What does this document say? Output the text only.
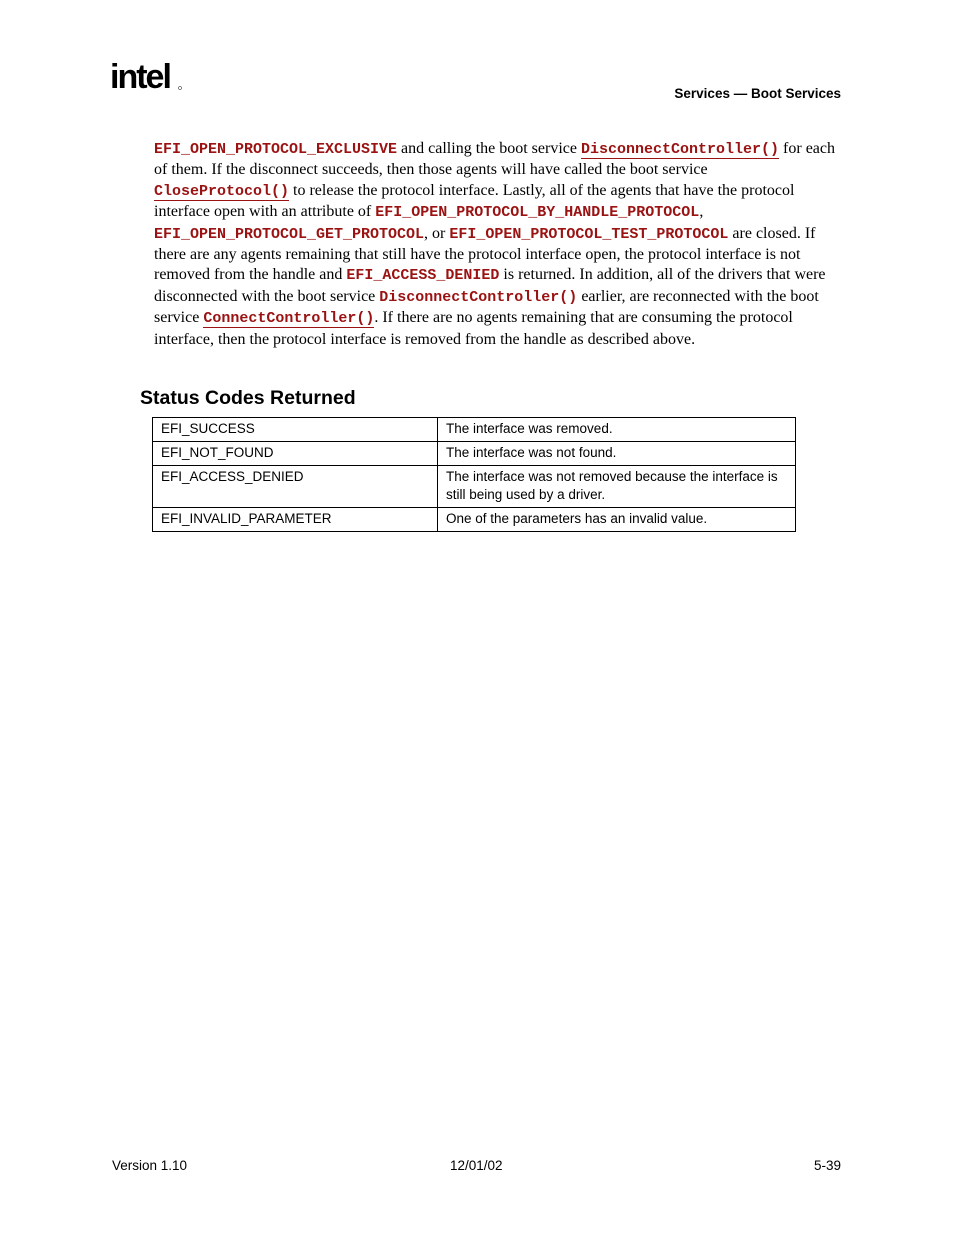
intel	Services — Boot Services

EFI_OPEN_PROTOCOL_EXCLUSIVE and calling the boot service DisconnectController() for each of them. If the disconnect succeeds, then those agents will have called the boot service CloseProtocol() to release the protocol interface. Lastly, all of the agents that have the protocol interface open with an attribute of EFI_OPEN_PROTOCOL_BY_HANDLE_PROTOCOL, EFI_OPEN_PROTOCOL_GET_PROTOCOL, or EFI_OPEN_PROTOCOL_TEST_PROTOCOL are closed. If there are any agents remaining that still have the protocol interface open, the protocol interface is not removed from the handle and EFI_ACCESS_DENIED is returned. In addition, all of the drivers that were disconnected with the boot service DisconnectController() earlier, are reconnected with the boot service ConnectController(). If there are no agents remaining that are consuming the protocol interface, then the protocol interface is removed from the handle as described above.

Status Codes Returned
EFI_SUCCESS	The interface was removed.
EFI_NOT_FOUND	The interface was not found.
EFI_ACCESS_DENIED	The interface was not removed because the interface is still being used by a driver.
EFI_INVALID_PARAMETER	One of the parameters has an invalid value.
Version 1.10	12/01/02	5-39
